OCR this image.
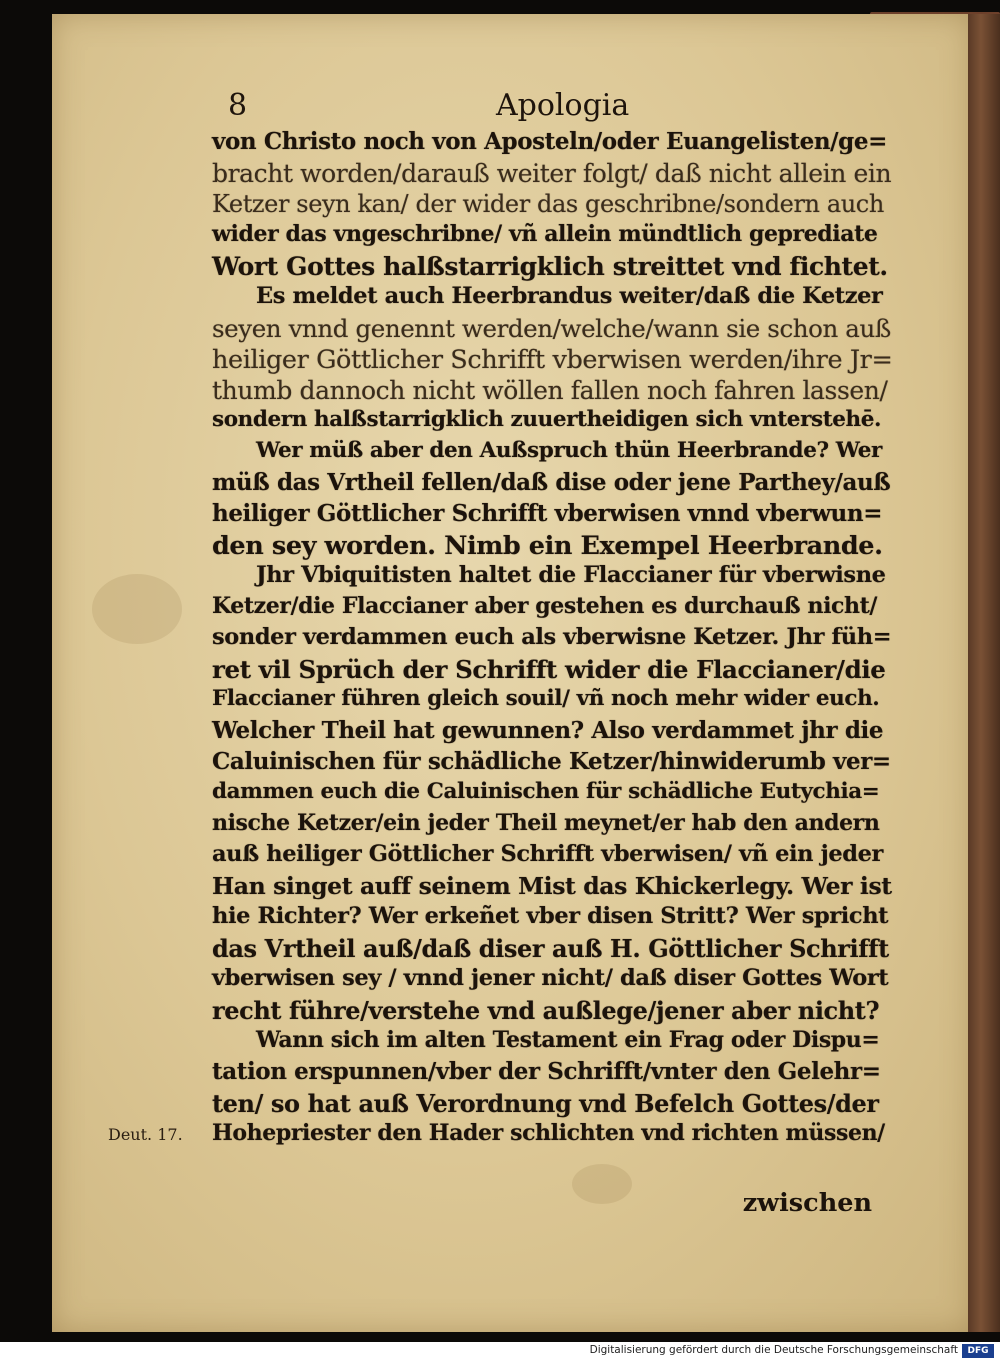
8	Apologia
von Christo noch von Aposteln/oder Euangelisten/ge=
bracht worden/darauß weiter folgt/ daß nicht allein ein
Ketzer seyn kan/ der wider das geschribne/sondern auch
wider das vngeschribne/ vñ allein mündtlich geprediate
Wort Gottes halßstarrigklich streittet vnd fichtet.
Es meldet auch Heerbrandus weiter/daß die Ketzer
seyen vnnd genennt werden/welche/wann sie schon auß
heiliger Göttlicher Schrifft vberwisen werden/ihre Jr=
thumb dannoch nicht wöllen fallen noch fahren lassen/
sondern halßstarrigklich zuuertheidigen sich vnterstehē.
Wer müß aber den Außspruch thün Heerbrande? Wer
müß das Vrtheil fellen/daß dise oder jene Parthey/auß
heiliger Göttlicher Schrifft vberwisen vnnd vberwun=
den sey worden. Nimb ein Exempel Heerbrande.
Jhr Vbiquitisten haltet die Flaccianer für vberwisne
Ketzer/die Flaccianer aber gestehen es durchauß nicht/
sonder verdammen euch als vberwisne Ketzer. Jhr füh=
ret vil Sprüch der Schrifft wider die Flaccianer/die
Flaccianer führen gleich souil/ vñ noch mehr wider euch.
Welcher Theil hat gewunnen? Also verdammet jhr die
Caluinischen für schädliche Ketzer/hinwiderumb ver=
dammen euch die Caluinischen für schädliche Eutychia=
nische Ketzer/ein jeder Theil meynet/er hab den andern
auß heiliger Göttlicher Schrifft vberwisen/ vñ ein jeder
Han singet auff seinem Mist das Khickerlegy. Wer ist
hie Richter? Wer erkeñet vber disen Stritt? Wer spricht
das Vrtheil auß/daß diser auß H. Göttlicher Schrifft
vberwisen sey / vnnd jener nicht/ daß diser Gottes Wort
recht führe/verstehe vnd außlege/jener aber nicht?
Wann sich im alten Testament ein Frag oder Dispu=
tation erspunnen/vber der Schrifft/vnter den Gelehr=
ten/ so hat auß Verordnung vnd Befelch Gottes/der
Hohepriester den Hader schlichten vnd richten müssen/
Deut. 17.
zwischen
Digitalisierung gefördert durch die Deutsche Forschungsgemeinschaft	DFG
